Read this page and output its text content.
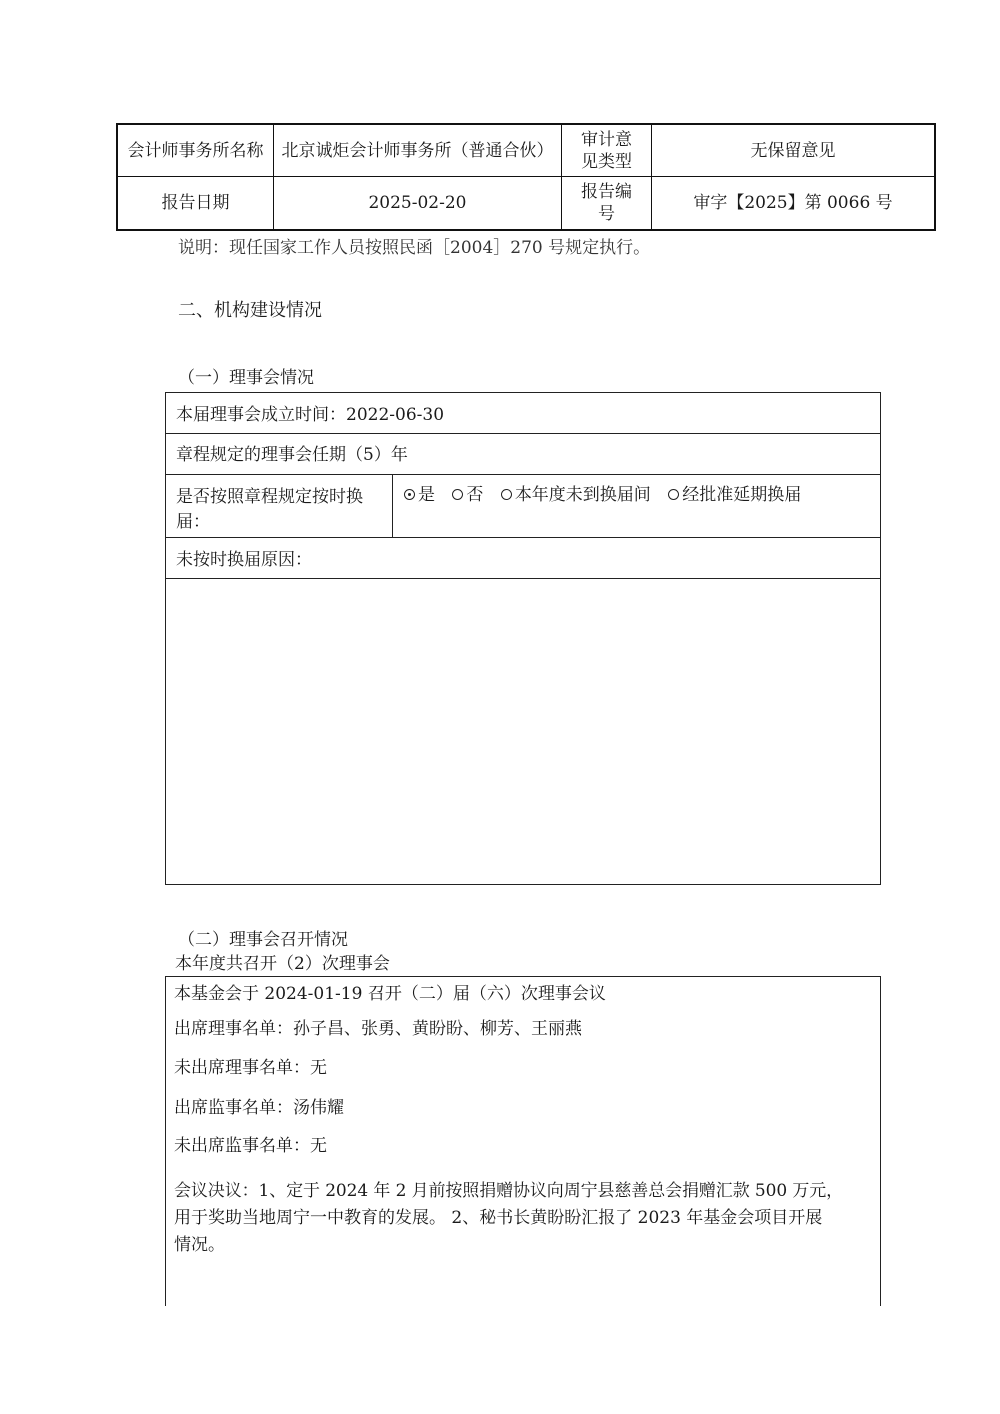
会计师事务所名称	北京诚炬会计师事务所（普通合伙）
审计意
见类型
无保留意见
报告日期	2025-02-20
报告编
号
审字【2025】第 0066 号
说明：现任国家工作人员按照民函［2004］270 号规定执行。
二、机构建设情况
（一）理事会情况
本届理事会成立时间：2022-06-30
章程规定的理事会任期（5）年
是否按照章程规定按时换
届：
是 否 本年度未到换届间 经批准延期换届
未按时换届原因：
（二）理事会召开情况
本年度共召开（2）次理事会
本基金会于 2024-01-19 召开（二）届（六）次理事会议
出席理事名单：孙子昌、张勇、黄盼盼、柳芳、王丽燕
未出席理事名单：无
出席监事名单：汤伟耀
未出席监事名单：无
会议决议：1、定于 2024 年 2 月前按照捐赠协议向周宁县慈善总会捐赠汇款 500 万元，
用于奖助当地周宁一中教育的发展。 2、秘书长黄盼盼汇报了 2023 年基金会项目开展
情况。
